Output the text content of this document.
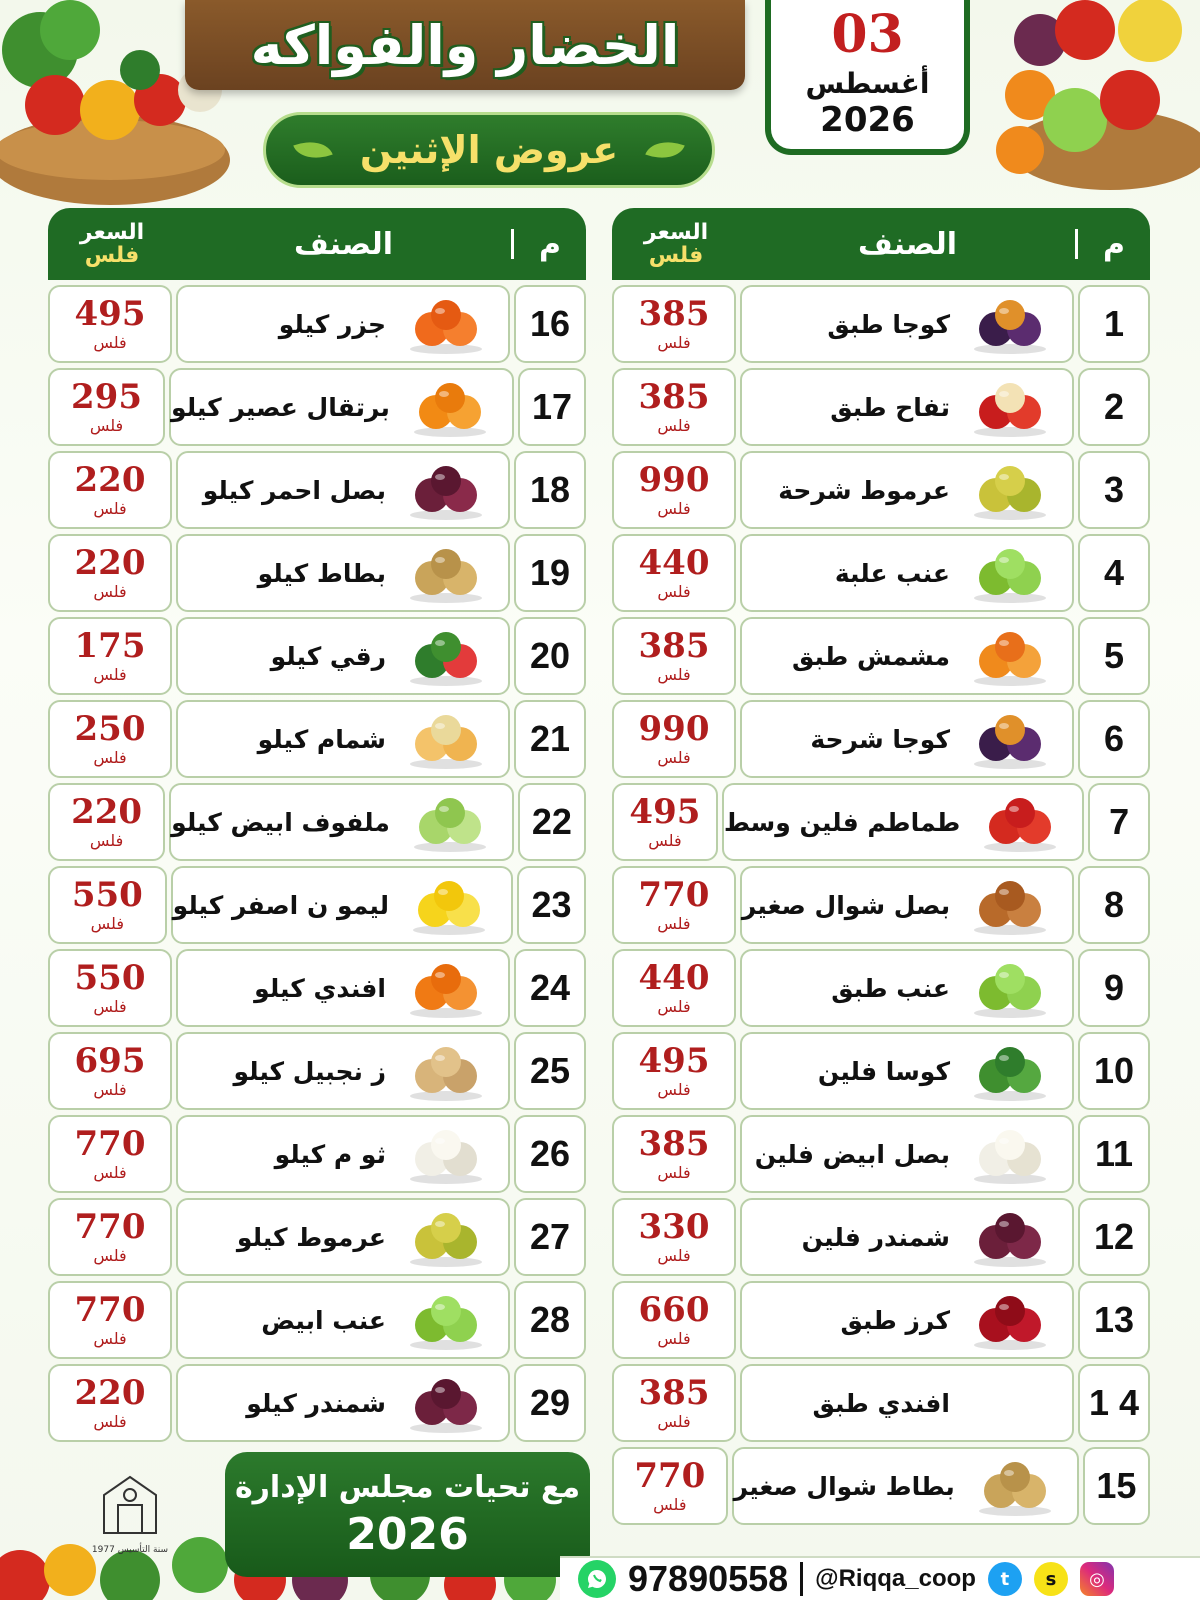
الخضار والفواكه
عروض الإثنين
03
أغسطس
2026
السعر
فلس	الصنف	م
385
فلس
كوجا طبق	1
385
فلس
تفاح طبق	2
990
فلس
عرموط شرحة	3
440
فلس
عنب علبة	4
385
فلس
مشمش طبق	5
990
فلس
كوجا شرحة	6
495
فلس
طماطم فلين وسط	7
770
فلس
بصل شوال صغير	8
440
فلس
عنب طبق	9
495
فلس
كوسا فلين	10
385
فلس
بصل ابيض فلين	11
330
فلس
شمندر فلين	12
660
فلس
كرز طبق	13
385
فلس
افندي طبق	1 4
770
فلس
بطاط شوال صغير	15
السعر
فلس	الصنف	م
495
فلس
جزر كيلو	16
295
فلس
برتقال عصير كيلو	17
220
فلس
بصل احمر كيلو	18
220
فلس
بطاط كيلو	19
175
فلس
رقي كيلو	20
250
فلس
شمام كيلو	21
220
فلس
ملفوف ابيض كيلو	22
550
فلس
ليمو ن اصفر كيلو	23
550
فلس
افندي كيلو	24
695
فلس
ز نجبيل كيلو	25
770
فلس
ثو م كيلو	26
770
فلس
عرموط كيلو	27
770
فلس
عنب ابيض	28
220
فلس
شمندر كيلو	29
سنة التأسيس 1977
مع تحيات مجلس الإدارة
2026
97890558 @Riqqa_coop	t	s	◎
